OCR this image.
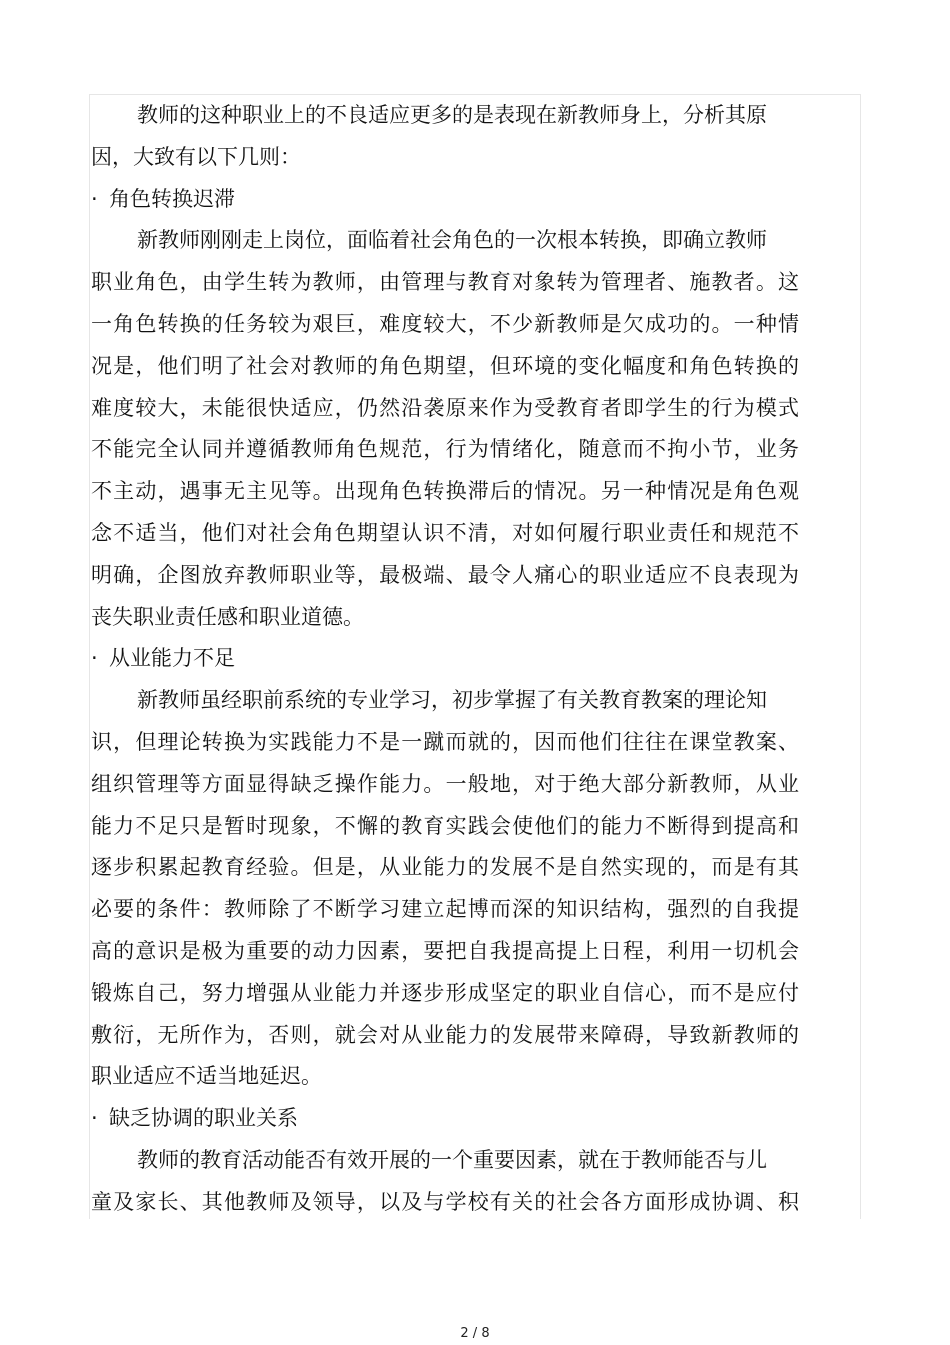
教师的这种职业上的不良适应更多的是表现在新教师身上，分析其原
因，大致有以下几则：
· 角色转换迟滞
新教师刚刚走上岗位，面临着社会角色的一次根本转换，即确立教师
职业角色，由学生转为教师，由管理与教育对象转为管理者、施教者。这
一角色转换的任务较为艰巨，难度较大，不少新教师是欠成功的。一种情
况是，他们明了社会对教师的角色期望，但环境的变化幅度和角色转换的
难度较大，未能很快适应，仍然沿袭原来作为受教育者即学生的行为模式
不能完全认同并遵循教师角色规范，行为情绪化，随意而不拘小节，业务
不主动，遇事无主见等。出现角色转换滞后的情况。另一种情况是角色观
念不适当，他们对社会角色期望认识不清，对如何履行职业责任和规范不
明确，企图放弃教师职业等，最极端、最令人痛心的职业适应不良表现为
丧失职业责任感和职业道德。
· 从业能力不足
新教师虽经职前系统的专业学习，初步掌握了有关教育教案的理论知
识，但理论转换为实践能力不是一蹴而就的，因而他们往往在课堂教案、
组织管理等方面显得缺乏操作能力。一般地，对于绝大部分新教师，从业
能力不足只是暂时现象，不懈的教育实践会使他们的能力不断得到提高和
逐步积累起教育经验。但是，从业能力的发展不是自然实现的，而是有其
必要的条件：教师除了不断学习建立起博而深的知识结构，强烈的自我提
高的意识是极为重要的动力因素，要把自我提高提上日程，利用一切机会
锻炼自己，努力增强从业能力并逐步形成坚定的职业自信心，而不是应付
敷衍，无所作为，否则，就会对从业能力的发展带来障碍，导致新教师的
职业适应不适当地延迟。
· 缺乏协调的职业关系
教师的教育活动能否有效开展的一个重要因素，就在于教师能否与儿
童及家长、其他教师及领导，以及与学校有关的社会各方面形成协调、积
2 / 8
